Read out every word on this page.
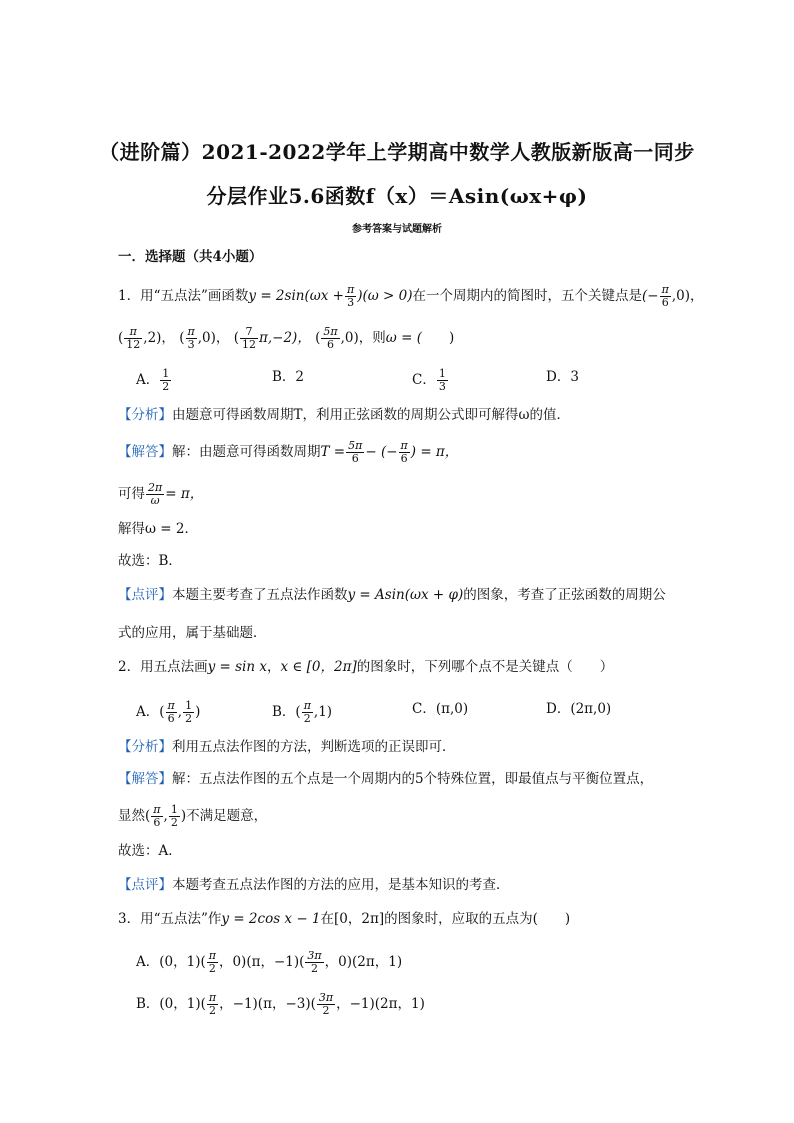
（进阶篇）2021-2022学年上学期高中数学人教版新版高一同步
分层作业5.6函数f（x）＝Asin(ωx+φ)
参考答案与试题解析
一．选择题（共4小题）
1．用“五点法”画函数$y = 2\sin(\omega x + \frac{\pi}{3} )(\omega > 0)$在一个周期内的简图时，五个关键点是(− $\frac{\pi}{6} ,0$)，
( $\frac{\pi}{12} ,2$)， ( $\frac{\pi}{3} ,0$)， ( $\frac{7}{12} \pi,-2$)， ( $\frac{5\pi}{6} ,0$)，则ω = (　　 )
A． $\frac{1}{2}$	B．2	C． $\frac{1}{3}$	D．3
【分析】由题意可得函数周期T，利用正弦函数的周期公式即可解得ω的值．
【解答】解：由题意可得函数周期$T = \frac{5\pi}{6}$ − (− $\frac{\pi}{6}$ ) = π，
可得 $\frac{2\pi}{\omega} = \pi$，
解得ω = 2．
故选：B．
【点评】本题主要考查了五点法作函数y = Asin(ωx + φ)的图象，考查了正弦函数的周期公
式的应用，属于基础题．
2．用五点法画y = sin x，x ∈ [0，2π]的图象时，下列哪个点不是关键点（　　）
A．( $\frac{\pi}{6}$ , $\frac{1}{2}$ )	B．( $\frac{\pi}{2} ,1$)	C．(π,0)	D．(2π,0)
【分析】利用五点法作图的方法，判断选项的正误即可．
【解答】解：五点法作图的五个点是一个周期内的5个特殊位置，即最值点与平衡位置点，
显然( $\frac{\pi}{6}$ , $\frac{1}{2}$ )不满足题意，
故选：A．
【点评】本题考查五点法作图的方法的应用，是基本知识的考查．
3．用“五点法”作y = 2cos x − 1在[0，2π]的图象时，应取的五点为(　　)
A．(0，$1)( \frac{\pi}{2}$ ，0)(π，$-1)( \frac{3\pi}{2}$ ，0)(2π，1)
B．(0，$1)( \frac{\pi}{2}$ ，−1)(π，$-3)( \frac{3\pi}{2}$ ，−1)(2π，1)
